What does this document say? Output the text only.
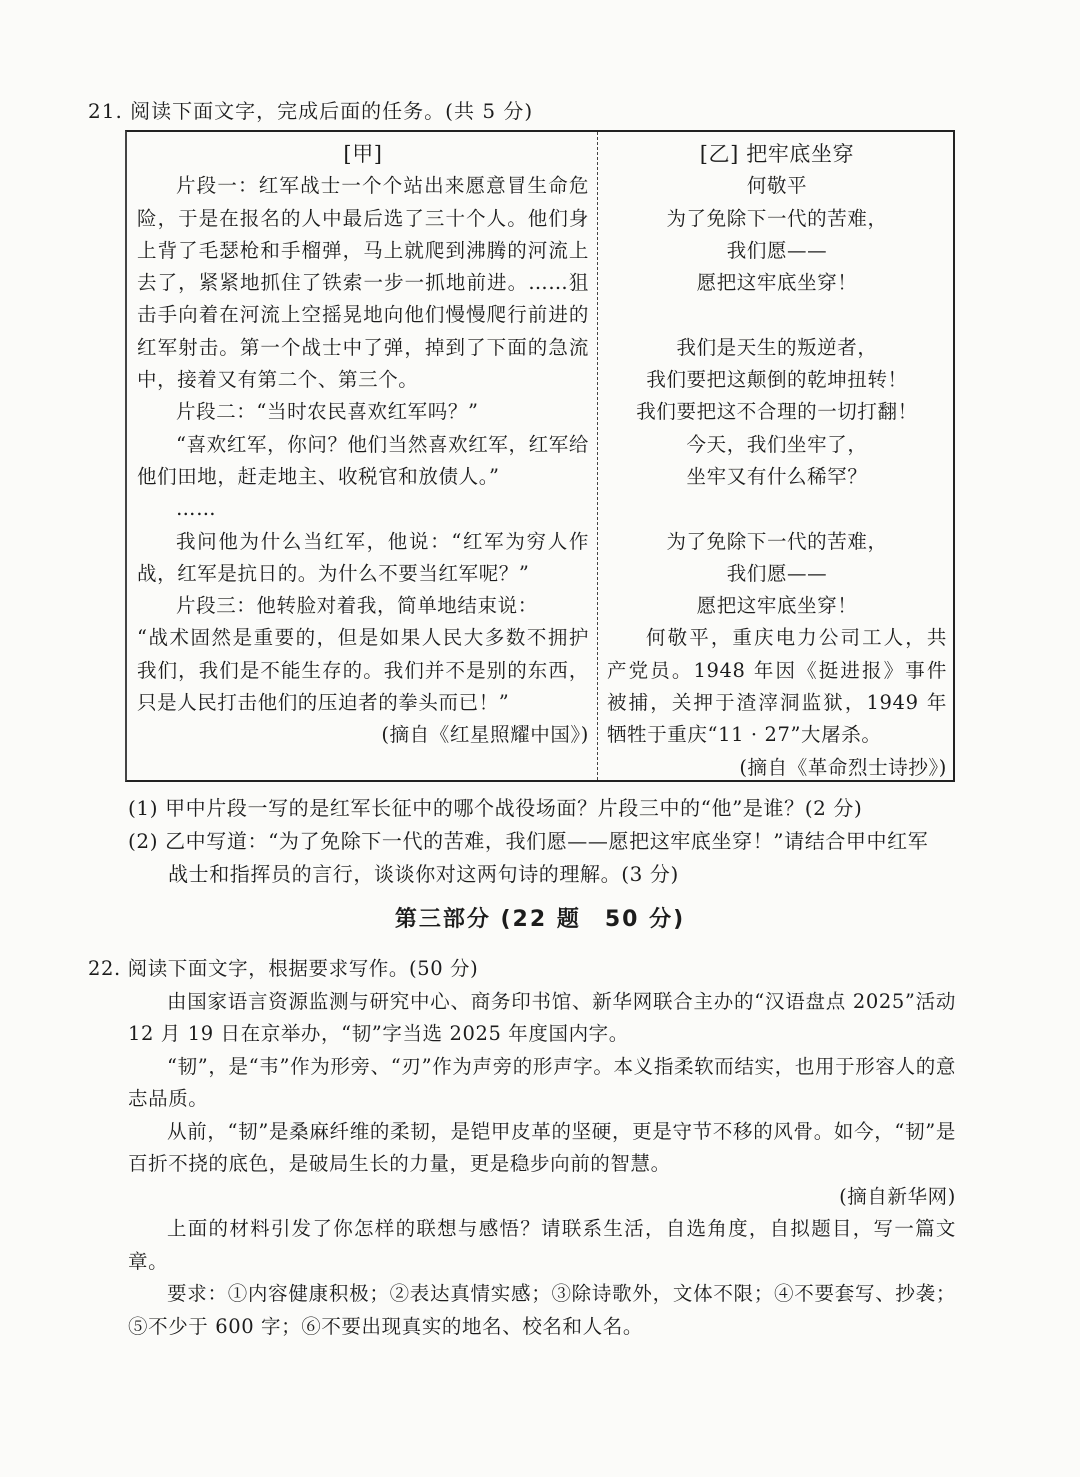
21. 阅读下面文字，完成后面的任务。(共 5 分)

[甲]

片段一：红军战士一个个站出来愿意冒生命危险，于是在报名的人中最后选了三十个人。他们身上背了毛瑟枪和手榴弹，马上就爬到沸腾的河流上去了，紧紧地抓住了铁索一步一抓地前进。……狙击手向着在河流上空摇晃地向他们慢慢爬行前进的红军射击。第一个战士中了弹，掉到了下面的急流中，接着又有第二个、第三个。

片段二：“当时农民喜欢红军吗？”

“喜欢红军，你问？他们当然喜欢红军，红军给他们田地，赶走地主、收税官和放债人。”

……

我问他为什么当红军，他说：“红军为穷人作战，红军是抗日的。为什么不要当红军呢？”

片段三：他转脸对着我，简单地结束说：

“战术固然是重要的，但是如果人民大多数不拥护我们，我们是不能生存的。我们并不是别的东西，只是人民打击他们的压迫者的拳头而已！”

(摘自《红星照耀中国》)

[乙] 把牢底坐穿

何敬平

为了免除下一代的苦难，

我们愿——

愿把这牢底坐穿！

我们是天生的叛逆者，

我们要把这颠倒的乾坤扭转！

我们要把这不合理的一切打翻！

今天，我们坐牢了，

坐牢又有什么稀罕？

为了免除下一代的苦难，

我们愿——

愿把这牢底坐穿！

何敬平，重庆电力公司工人，共产党员。1948 年因《挺进报》事件被捕，关押于渣滓洞监狱，1949 年牺牲于重庆“11 · 27”大屠杀。

(摘自《革命烈士诗抄》)

(1) 甲中片段一写的是红军长征中的哪个战役场面？片段三中的“他”是谁？(2 分)
(2) 乙中写道：“为了免除下一代的苦难，我们愿——愿把这牢底坐穿！”请结合甲中红军
战士和指挥员的言行，谈谈你对这两句诗的理解。(3 分)
第三部分 (22 题　50 分)

22. 阅读下面文字，根据要求写作。(50 分)

由国家语言资源监测与研究中心、商务印书馆、新华网联合主办的“汉语盘点 2025”活动 12 月 19 日在京举办，“韧”字当选 2025 年度国内字。

“韧”，是“韦”作为形旁、“刃”作为声旁的形声字。本义指柔软而结实，也用于形容人的意志品质。

从前，“韧”是桑麻纤维的柔韧，是铠甲皮革的坚硬，更是守节不移的风骨。如今，“韧”是百折不挠的底色，是破局生长的力量，更是稳步向前的智慧。

(摘自新华网)

上面的材料引发了你怎样的联想与感悟？请联系生活，自选角度，自拟题目，写一篇文章。

要求：①内容健康积极；②表达真情实感；③除诗歌外，文体不限；④不要套写、抄袭；⑤不少于 600 字；⑥不要出现真实的地名、校名和人名。
